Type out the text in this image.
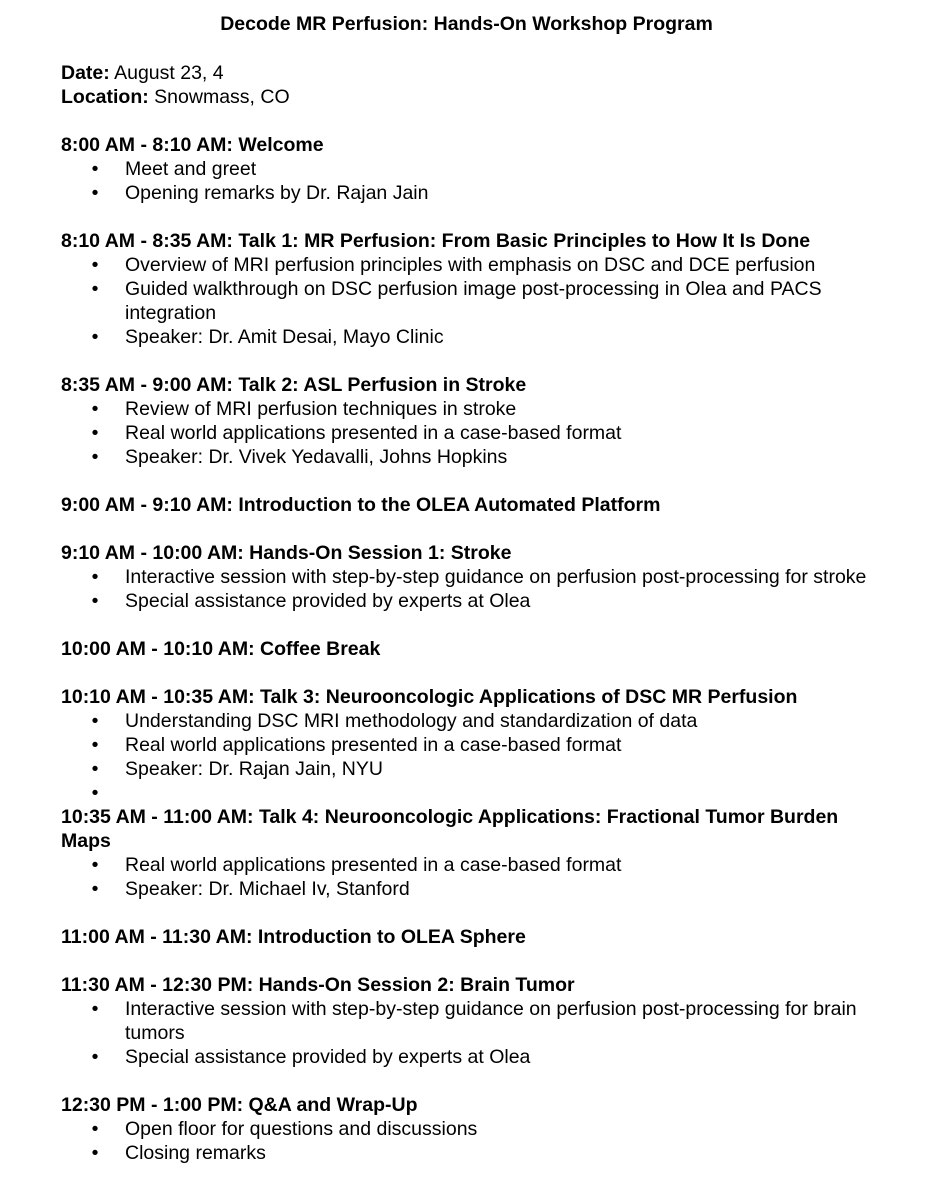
Decode MR Perfusion: Hands-On Workshop Program

Date: August 23, 4

Location: Snowmass, CO

8:00 AM - 8:10 AM: Welcome

•
Meet and greet
•
Opening remarks by Dr. Rajan Jain

8:10 AM - 8:35 AM: Talk 1: MR Perfusion: From Basic Principles to How It Is Done

•
Overview of MRI perfusion principles with emphasis on DSC and DCE perfusion
•
Guided walkthrough on DSC perfusion image post-processing in Olea and PACS integration
•
Speaker: Dr. Amit Desai, Mayo Clinic

8:35 AM - 9:00 AM: Talk 2: ASL Perfusion in Stroke

•
Review of MRI perfusion techniques in stroke
•
Real world applications presented in a case-based format
•
Speaker: Dr. Vivek Yedavalli, Johns Hopkins

9:00 AM - 9:10 AM: Introduction to the OLEA Automated Platform

9:10 AM - 10:00 AM: Hands-On Session 1: Stroke

•
Interactive session with step-by-step guidance on perfusion post-processing for stroke
•
Special assistance provided by experts at Olea

10:00 AM - 10:10 AM: Coffee Break

10:10 AM - 10:35 AM: Talk 3: Neurooncologic Applications of DSC MR Perfusion

•
Understanding DSC MRI methodology and standardization of data
•
Real world applications presented in a case-based format
•
Speaker: Dr. Rajan Jain, NYU
•

10:35 AM - 11:00 AM: Talk 4: Neurooncologic Applications: Fractional Tumor Burden Maps

•
Real world applications presented in a case-based format
•
Speaker: Dr. Michael Iv, Stanford

11:00 AM - 11:30 AM: Introduction to OLEA Sphere

11:30 AM - 12:30 PM: Hands-On Session 2: Brain Tumor

•
Interactive session with step-by-step guidance on perfusion post-processing for brain tumors
•
Special assistance provided by experts at Olea

12:30 PM - 1:00 PM: Q&A and Wrap-Up

•
Open floor for questions and discussions
•
Closing remarks
